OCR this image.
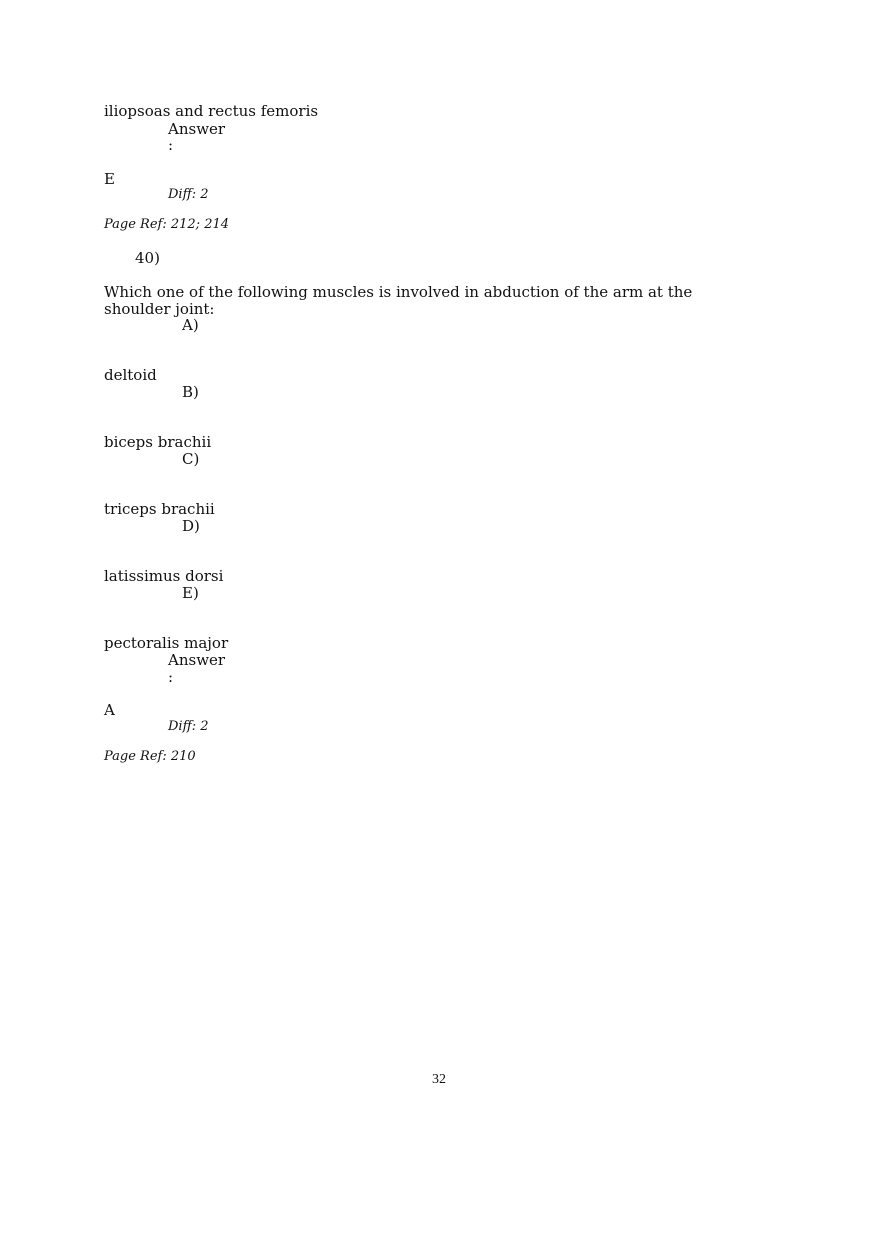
iliopsoas and rectus femoris
Answer
:
E
Diff: 2
Page Ref: 212; 214
40)
Which one of the following muscles is involved in abduction of the arm at the shoulder joint:
A)
deltoid
B)
biceps brachii
C)
triceps brachii
D)
latissimus dorsi
E)
pectoralis major
Answer
:
A
Diff: 2
Page Ref: 210
32
